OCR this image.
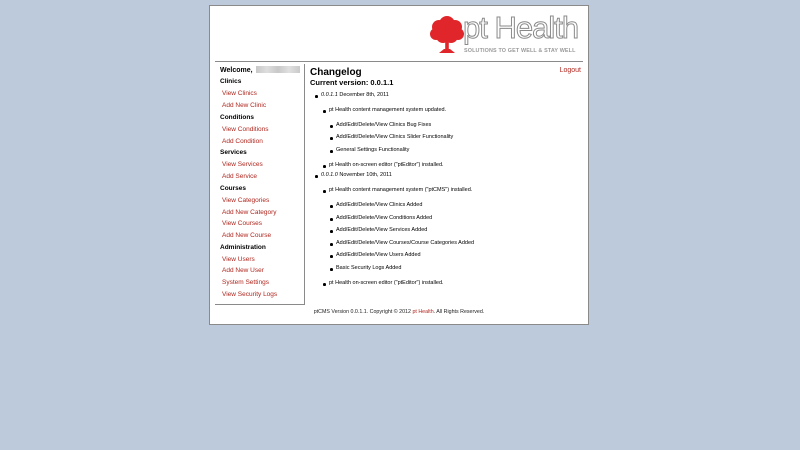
pt Health
SOLUTIONS TO GET WELL & STAY WELL
Welcome,
Clinics
View Clinics
Add New Clinic
Conditions
View Conditions
Add Condition
Services
View Services
Add Service
Courses
View Categories
Add New Category
View Courses
Add New Course
Administration
View Users
Add New User
System Settings
View Security Logs
Logout
Changelog
Current version: 0.0.1.1
0.0.1.1 December 8th, 2011
pt Health content management system updated.
Add/Edit/Delete/View Clinics Bug Fixes
Add/Edit/Delete/View Clinics Slider Functionality
General Settings Functionality
pt Health on-screen editor ("ptEditor") installed.
0.0.1.0 November 10th, 2011
pt Health content management system ("ptCMS") installed.
Add/Edit/Delete/View Clinics Added
Add/Edit/Delete/View Conditions Added
Add/Edit/Delete/View Services Added
Add/Edit/Delete/View Courses/Course Categories Added
Add/Edit/Delete/View Users Added
Basic Security Logs Added
pt Health on-screen editor ("ptEditor") installed.
ptCMS Version 0.0.1.1. Copyright © 2012 pt Health. All Rights Reserved.
